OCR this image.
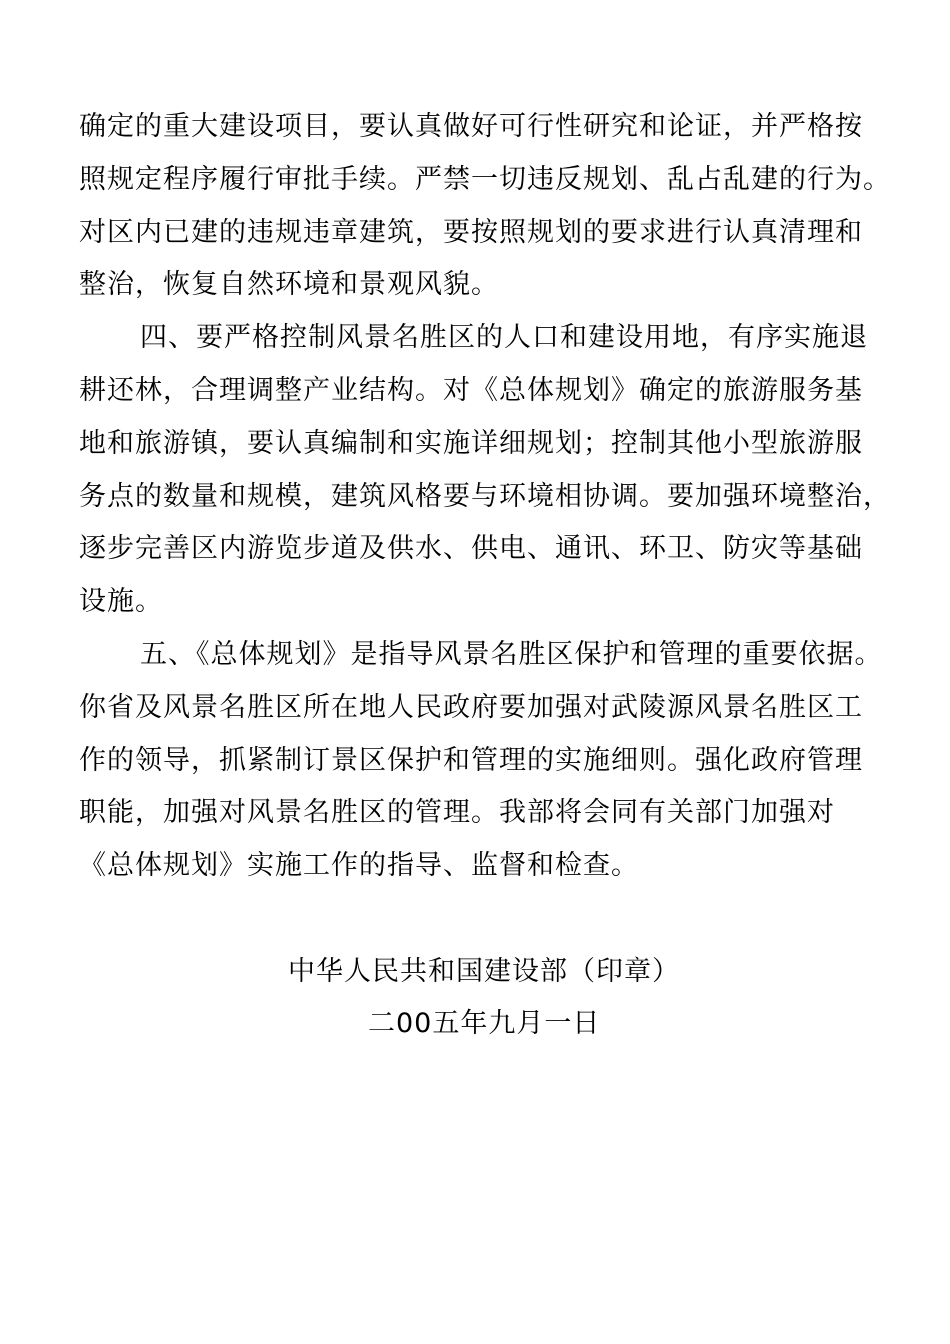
确定的重大建设项目，要认真做好可行性研究和论证，并严格按
照规定程序履行审批手续。严禁一切违反规划、乱占乱建的行为。
对区内已建的违规违章建筑，要按照规划的要求进行认真清理和
整治，恢复自然环境和景观风貌。
四、要严格控制风景名胜区的人口和建设用地，有序实施退
耕还林，合理调整产业结构。对《总体规划》确定的旅游服务基
地和旅游镇，要认真编制和实施详细规划；控制其他小型旅游服
务点的数量和规模，建筑风格要与环境相协调。要加强环境整治，
逐步完善区内游览步道及供水、供电、通讯、环卫、防灾等基础
设施。
五、《总体规划》是指导风景名胜区保护和管理的重要依据。
你省及风景名胜区所在地人民政府要加强对武陵源风景名胜区工
作的领导，抓紧制订景区保护和管理的实施细则。强化政府管理
职能，加强对风景名胜区的管理。我部将会同有关部门加强对
《总体规划》实施工作的指导、监督和检查。
中华人民共和国建设部（印章）
二00五年九月一日
